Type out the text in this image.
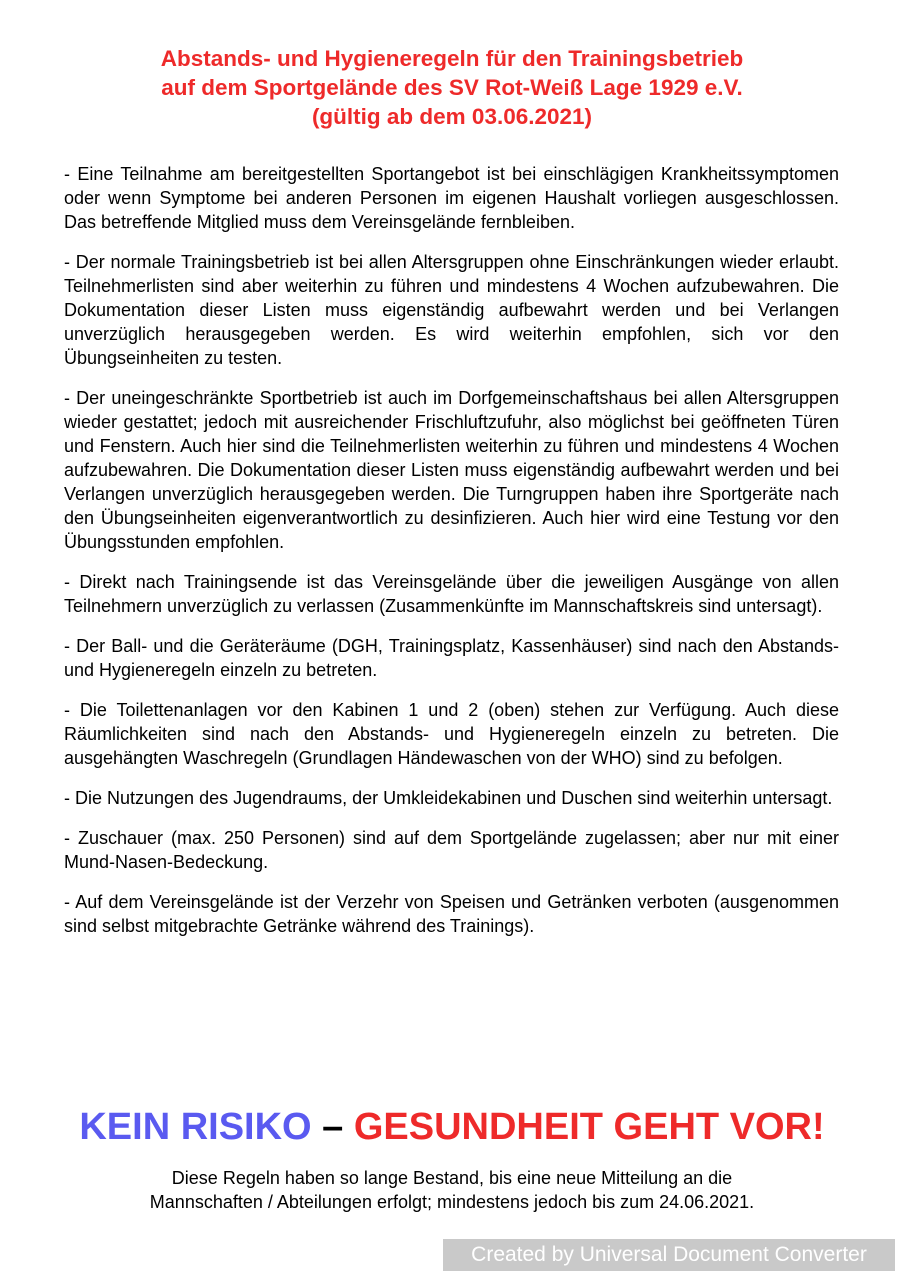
Abstands- und Hygieneregeln für den Trainingsbetrieb
auf dem Sportgelände des SV Rot-Weiß Lage 1929 e.V.
(gültig ab dem 03.06.2021)

- Eine Teilnahme am bereitgestellten Sportangebot ist bei einschlägigen Krankheitssymptomen oder wenn Symptome bei anderen Personen im eigenen Haushalt vorliegen ausgeschlossen. Das betreffende Mitglied muss dem Vereinsgelände fernbleiben.

- Der normale Trainingsbetrieb ist bei allen Altersgruppen ohne Einschränkungen wieder erlaubt. Teilnehmerlisten sind aber weiterhin zu führen und mindestens 4 Wochen aufzubewahren. Die Dokumentation dieser Listen muss eigenständig aufbewahrt werden und bei Verlangen unverzüglich herausgegeben werden. Es wird weiterhin empfohlen, sich vor den Übungseinheiten zu testen.

- Der uneingeschränkte Sportbetrieb ist auch im Dorfgemeinschaftshaus bei allen Altersgruppen wieder gestattet; jedoch mit ausreichender Frischluftzufuhr, also möglichst bei geöffneten Türen und Fenstern. Auch hier sind die Teilnehmerlisten weiterhin zu führen und mindestens 4 Wochen aufzubewahren. Die Dokumentation dieser Listen muss eigenständig aufbewahrt werden und bei Verlangen unverzüglich herausgegeben werden. Die Turngruppen haben ihre Sportgeräte nach den Übungseinheiten eigenverantwortlich zu desinfizieren. Auch hier wird eine Testung vor den Übungsstunden empfohlen.

- Direkt nach Trainingsende ist das Vereinsgelände über die jeweiligen Ausgänge von allen Teilnehmern unverzüglich zu verlassen (Zusammenkünfte im Mannschaftskreis sind untersagt).

- Der Ball- und die Geräteräume (DGH, Trainingsplatz, Kassenhäuser) sind nach den Abstands- und Hygieneregeln einzeln zu betreten.

- Die Toilettenanlagen vor den Kabinen 1 und 2 (oben) stehen zur Verfügung. Auch diese Räumlichkeiten sind nach den Abstands- und Hygieneregeln einzeln zu betreten. Die ausgehängten Waschregeln (Grundlagen Händewaschen von der WHO) sind zu befolgen.

- Die Nutzungen des Jugendraums, der Umkleidekabinen und Duschen sind weiterhin untersagt.

- Zuschauer (max. 250 Personen) sind auf dem Sportgelände zugelassen; aber nur mit einer Mund-Nasen-Bedeckung.

- Auf dem Vereinsgelände ist der Verzehr von Speisen und Getränken verboten (ausgenommen sind selbst mitgebrachte Getränke während des Trainings).

KEIN RISIKO – GESUNDHEIT GEHT VOR!
Diese Regeln haben so lange Bestand, bis eine neue Mitteilung an die
Mannschaften / Abteilungen erfolgt; mindestens jedoch bis zum 24.06.2021.
Created by Universal Document Converter
